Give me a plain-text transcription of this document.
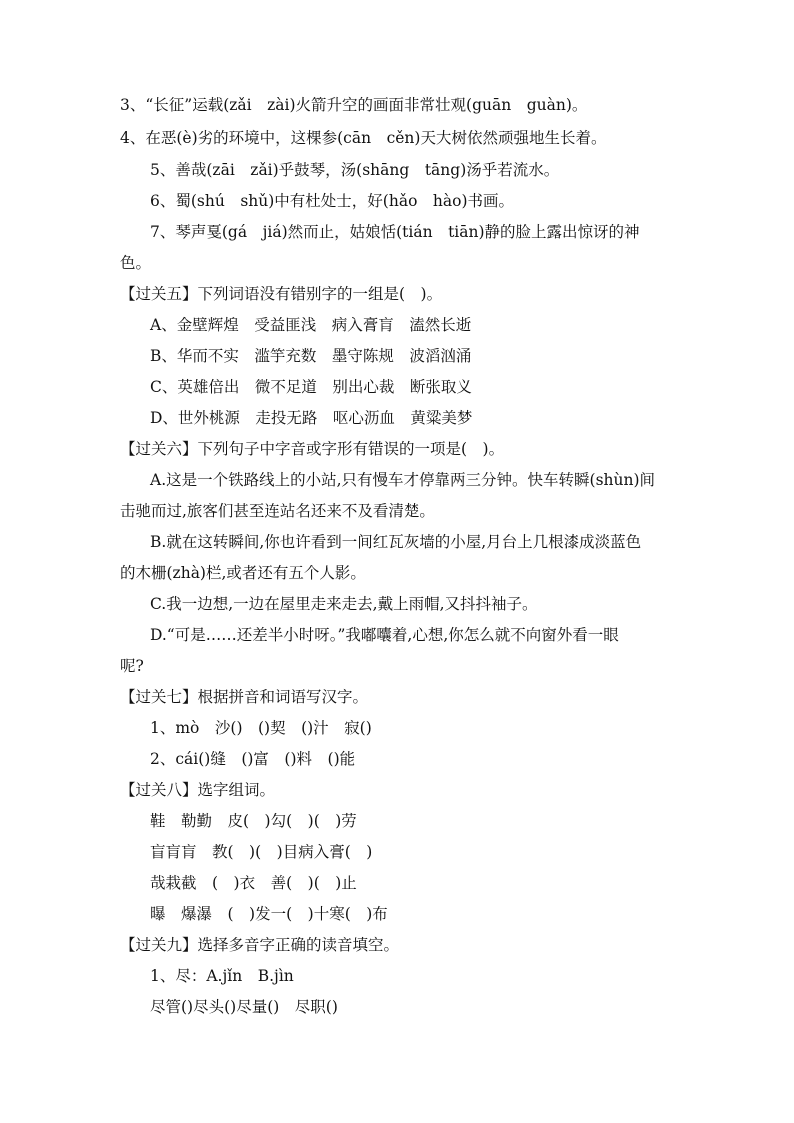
3、“长征”运载(zǎi　zài)火箭升空的画面非常壮观(guān　guàn)。
4、在恶(è)劣的环境中，这棵参(cān　cěn)天大树依然顽强地生长着。
5、善哉(zāi　zǎi)乎鼓琴，汤(shāng　tāng)汤乎若流水。
6、蜀(shú　shǔ)中有杜处士，好(hǎo　hào)书画。
7、琴声戛(gá　jiá)然而止，姑娘恬(tián　tiān)静的脸上露出惊讶的神
色。
【过关五】下列词语没有错别字的一组是(　)。
A、金壁辉煌　受益匪浅　病入膏肓　溘然长逝
B、华而不实　滥竽充数　墨守陈规　波滔汹涌
C、英雄倍出　微不足道　别出心裁　断张取义
D、世外桃源　走投无路　呕心沥血　黄粱美梦
【过关六】下列句子中字音或字形有错误的一项是(　)。
A.这是一个铁路线上的小站,只有慢车才停靠两三分钟。快车转瞬(shùn)间
击驰而过,旅客们甚至连站名还来不及看清楚。
B.就在这转瞬间,你也许看到一间红瓦灰墙的小屋,月台上几根漆成淡蓝色
的木栅(zhà)栏,或者还有五个人影。
C.我一边想,一边在屋里走来走去,戴上雨帽,又抖抖袖子。
D.“可是……还差半小时呀。”我嘟囔着,心想,你怎么就不向窗外看一眼
呢?
【过关七】根据拼音和词语写汉字。
1、mò　沙()　()契　()汁　寂()
2、cái()缝　()富　()料　()能
【过关八】选字组词。
鞋　勒勤　皮(　)勾(　)(　)劳
盲肓肓　教(　)(　)目病入膏(　)
哉栽截　(　)衣　善(　)(　)止
曝　爆瀑　(　)发一(　)十寒(　)布
【过关九】选择多音字正确的读音填空。
1、尽：A.jǐn　B.jìn
尽管()尽头()尽量()　尽职()
